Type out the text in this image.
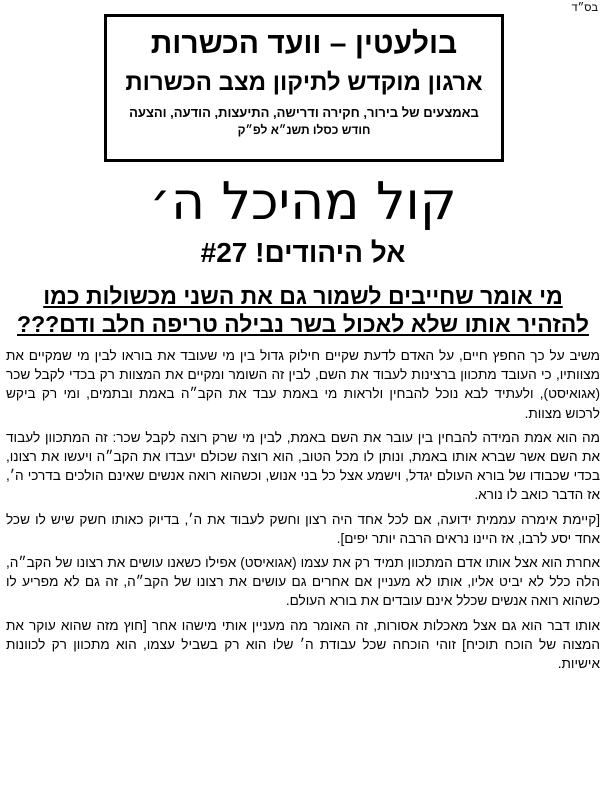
בס״ד
בולעטין – וועד הכשרות
ארגון מוקדש לתיקון מצב הכשרות
באמצעים של בירור, חקירה ודרישה, התיעצות, הודעה, והצעה
חודש כסלו תשנ״א לפ״ק
קול מהיכל ה׳
אל היהודים! #27
מי אומר שחייבים לשמור גם את השני מכשולות כמו
להזהיר אותו שלא לאכול בשר נבילה טריפה חלב ודם???

משיב על כך החפץ חיים, על האדם לדעת שקיים חילוק גדול בין מי שעובד את בוראו לבין מי שמקיים את מצוותיו, כי העובד מתכוון ברצינות לעבוד את השם, לבין זה השומר ומקיים את המצוות רק בכדי לקבל שכר (אגואיסט), ולעתיד לבא נוכל להבחין ולראות מי באמת עבד את הקב״ה באמת ובתמים, ומי רק ביקש לרכוש מצוות.

מה הוא אמת המידה להבחין בין עובר את השם באמת, לבין מי שרק רוצה לקבל שכר: זה המתכוון לעבוד את השם אשר שברא אותו באמת, ונותן לו מכל הטוב, הוא רוצה שכולם יעבדו את הקב״ה ויעשו את רצונו, בכדי שכבודו של בורא העולם יגדל, וישמע אצל כל בני אנוש, וכשהוא רואה אנשים שאינם הולכים בדרכי ה׳, אז הדבר כואב לו נורא.

[קיימת אימרה עממית ידועה, אם לכל אחד היה רצון וחשק לעבוד את ה׳, בדיוק כאותו חשק שיש לו שכל אחד יסע לרבו, אז היינו נראים הרבה יותר יפים].

אחרת הוא אצל אותו אדם המתכוון תמיד רק את עצמו (אגואיסט) אפילו כשאנו עושים את רצונו של הקב״ה, הלה כלל לא יביט אליו, אותו לא מעניין אם אחרים גם עושים את רצונו של הקב״ה, זה גם לא מפריע לו כשהוא רואה אנשים שכלל אינם עובדים את בורא העולם.

אותו דבר הוא גם אצל מאכלות אסורות, זה האומר מה מעניין אותי מישהו אחר [חוץ מזה שהוא עוקר את המצוה של הוכח תוכיח] זוהי הוכחה שכל עבודת ה׳ שלו הוא רק בשביל עצמו, הוא מתכוון רק לכוונות אישיות.
